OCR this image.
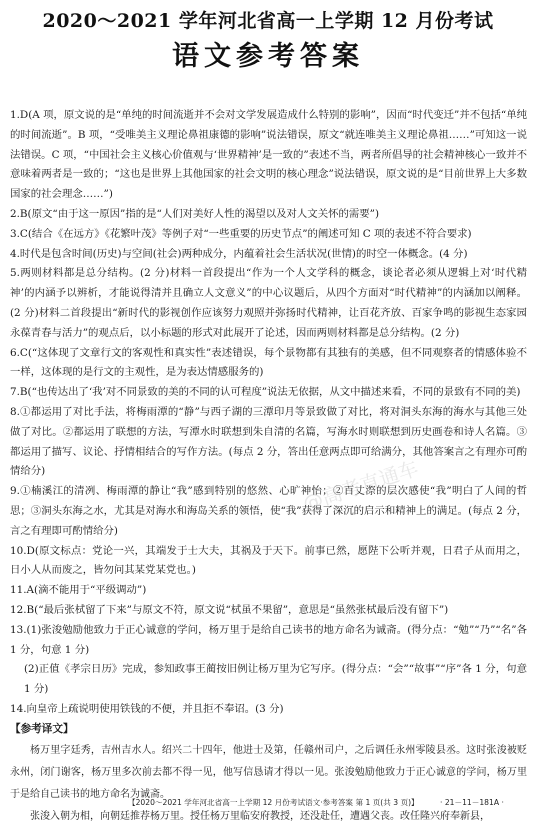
2020～2021 学年河北省高一上学期 12 月份考试
语文参考答案

1.D(A 项，原文说的是“单纯的时间流逝并不会对文学发展造成什么特别的影响”，因而“时代变迁”并不包括“单纯的时间流逝”。B 项，“受唯美主义理论鼻祖康德的影响”说法错误，原文“就连唯美主义理论鼻祖……”可知这一说法错误。C 项，“中国社会主义核心价值观与‘世界精神’是一致的”表述不当，两者所倡导的社会精神核心一致并不意味着两者是一致的；“这也是世界上其他国家的社会文明的核心理念”说法错误，原文说的是“目前世界上大多数国家的社会理念……”)

2.B(原文“由于这一原因”指的是“人们对美好人性的渴望以及对人文关怀的需要”)

3.C(结合《在远方》《花繁叶茂》等例子对“一些重要的历史节点”的阐述可知 C 项的表述不符合要求)

4.时代是包含时间(历史)与空间(社会)两种成分，内蕴着社会生活状况(世情)的时空一体概念。(4 分)

5.两则材料都是总分结构。(2 分)材料一首段提出“作为一个人文学科的概念，谈论者必须从逻辑上对‘时代精神’的内涵予以辨析，才能说得清并且确立人文意义”的中心议题后，从四个方面对“时代精神”的内涵加以阐释。(2 分)材料二首段提出“新时代的影视创作应该努力观照并弥扬时代精神，让百花齐放、百家争鸣的影视生态家园永葆青春与活力”的观点后，以小标题的形式对此展开了论述，因而两则材料都是总分结构。(2 分)

6.C(“这体现了文章行文的客观性和真实性”表述错误，每个景物都有其独有的美感，但不同观察者的情感体验不一样，这体现的是行文的主观性，是为表达情感服务的)

7.B(“也传达出了‘我’对不同景致的美的不同的认可程度”说法无依据，从文中描述来看，不同的景致有不同的美)

8.①都运用了对比手法，将梅雨潭的“静”与西子湖的三潭印月等景致做了对比，将对洞头东海的海水与其他三处做了对比。②都运用了联想的方法，写潭水时联想到朱自清的名篇，写海水时则联想到历史画卷和诗人名篇。③都运用了描写、议论、抒情相结合的写作方法。(每点 2 分，答出任意两点即可给满分，其他答案言之有理亦可酌情给分)

9.①楠溪江的清冽、梅雨潭的静让“我”感到特别的悠然、心旷神怡；②百丈漈的层次感使“我”明白了人间的哲思；③洞头东海之水，尤其是对海水和海岛关系的领悟，使“我”获得了深沉的启示和精神上的满足。(每点 2 分，言之有理即可酌情给分)

10.D(原文标点：党论一兴，其端发于士大夫，其祸及于天下。前事已然，愿陛下公听并观，日君子从而用之，日小人从而废之，皆勿问其某党某党也。)

11.A(滴不能用于“平级调动”)

12.B(“最后张栻留了下来”与原文不符，原文说“栻虽不果留”，意思是“虽然张栻最后没有留下”)

13.(1)张浚勉励他致力于正心诚意的学问，杨万里于是给自己读书的地方命名为诚斋。(得分点：“勉”“乃”“名”各 1 分，句意 1 分)

(2)正值《孝宗日历》完成，参知政事王蔺按旧例让杨万里为它写序。(得分点：“会”“故事”“序”各 1 分，句意 1 分)

14.向皇帝上疏说明使用铁钱的不便，并且拒不奉诏。(3 分)

【参考译文】

杨万里字廷秀，吉州吉水人。绍兴二十四年，他进士及第，任赣州司户，之后调任永州零陵县丞。这时张浚被贬永州，闭门谢客，杨万里多次前去都不得一见，他写信恳请才得以一见。张浚勉励他致力于正心诚意的学问，杨万里于是给自己读书的地方命名为诚斋。

张浚入朝为相，向朝廷推荐杨万里。授任杨万里临安府教授，还没赴任，遭遇父丧。改任隆兴府奉新县，

@高考直通车
【2020～2021 学年河北省高一上学期 12 月份考试语文·参考答案 第 1 页(共 3 页)】	· 21－11－181A ·
